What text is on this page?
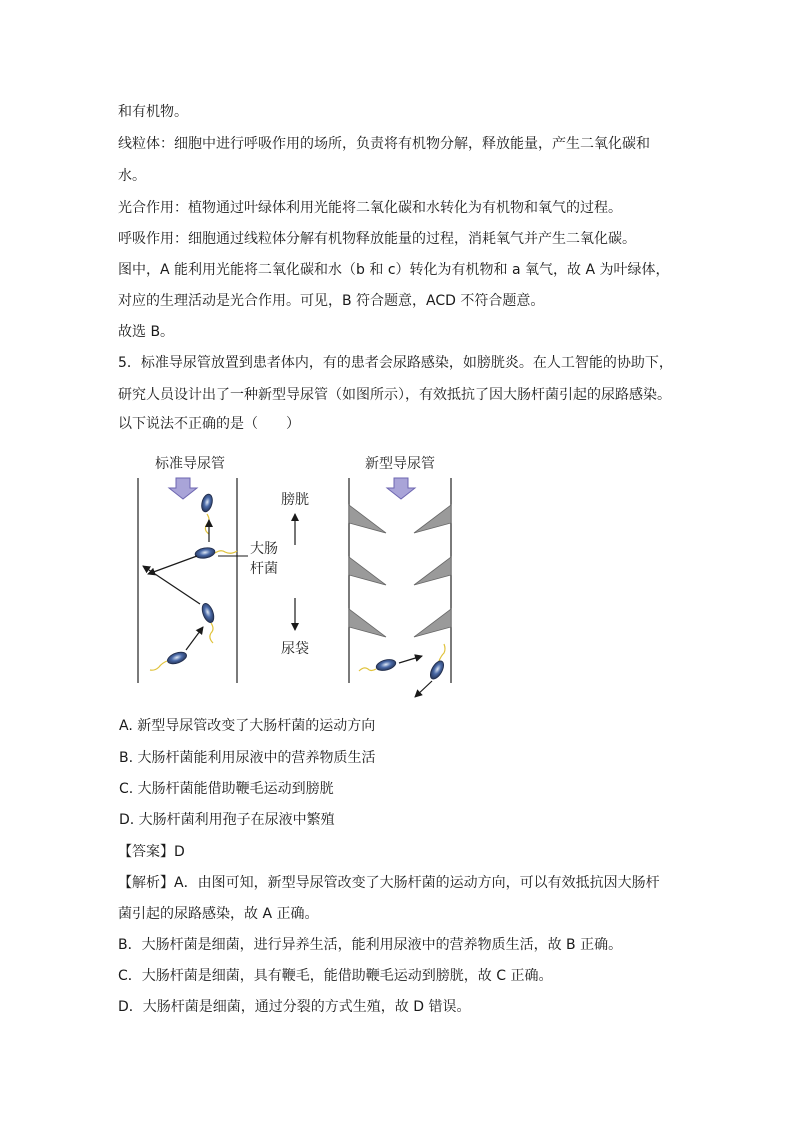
和有机物。
线粒体：细胞中进行呼吸作用的场所，负责将有机物分解，释放能量，产生二氧化碳和
水。
光合作用：植物通过叶绿体利用光能将二氧化碳和水转化为有机物和氧气的过程。
呼吸作用：细胞通过线粒体分解有机物释放能量的过程，消耗氧气并产生二氧化碳。
图中，A 能利用光能将二氧化碳和水（b 和 c）转化为有机物和 a 氧气，故 A 为叶绿体，
对应的生理活动是光合作用。可见，B 符合题意，ACD 不符合题意。
故选 B。
5．标准导尿管放置到患者体内，有的患者会尿路感染，如膀胱炎。在人工智能的协助下，
研究人员设计出了一种新型导尿管（如图所示），有效抵抗了因大肠杆菌引起的尿路感染。
以下说法不正确的是（　　）
标准导尿管	新型导尿管
膀胱
大肠
杆菌
尿袋
A. 新型导尿管改变了大肠杆菌的运动方向
B. 大肠杆菌能利用尿液中的营养物质生活
C. 大肠杆菌能借助鞭毛运动到膀胱
D. 大肠杆菌利用孢子在尿液中繁殖
【答案】D
【解析】A．由图可知，新型导尿管改变了大肠杆菌的运动方向，可以有效抵抗因大肠杆
菌引起的尿路感染，故 A 正确。
B．大肠杆菌是细菌，进行异养生活，能利用尿液中的营养物质生活，故 B 正确。
C．大肠杆菌是细菌，具有鞭毛，能借助鞭毛运动到膀胱，故 C 正确。
D．大肠杆菌是细菌，通过分裂的方式生殖，故 D 错误。
